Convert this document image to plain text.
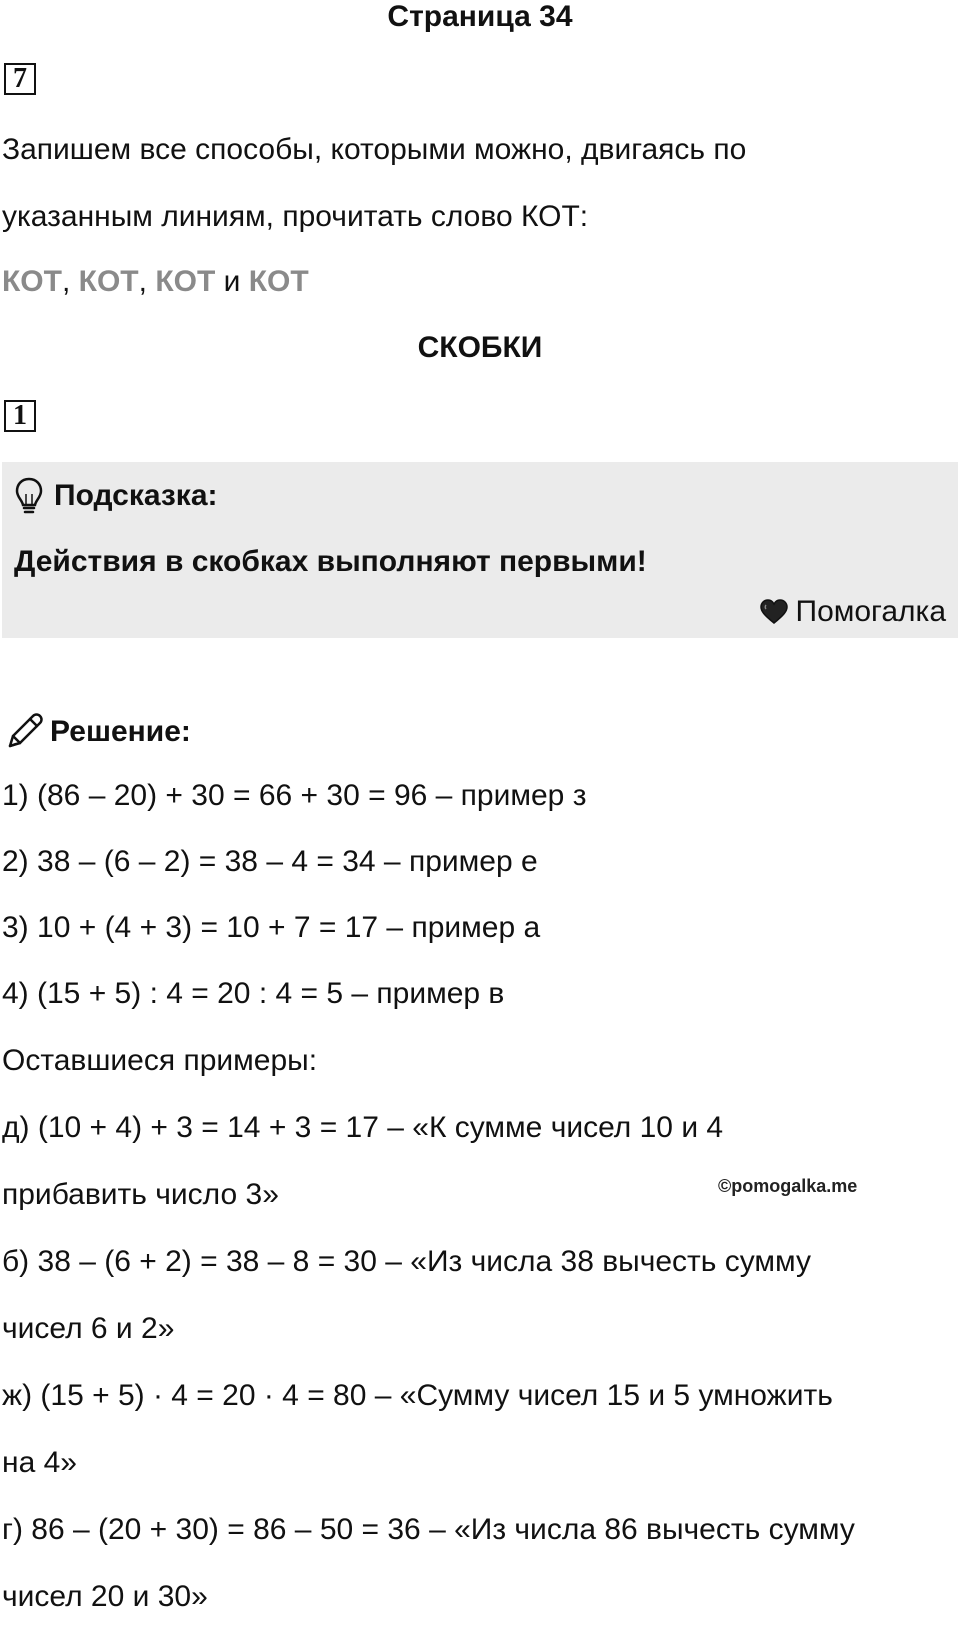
Страница 34
7
Запишем все способы, которыми можно, двигаясь по
указанным линиям, прочитать слово КОТ:
КОТ, КОТ, КОТ и КОТ
СКОБКИ
1
Подсказка:
Действия в скобках выполняют первыми!
Помогалка
Решение:
1) (86 – 20) + 30 = 66 + 30 = 96 – пример з
2) 38 – (6 – 2) = 38 – 4 = 34 – пример е
3) 10 + (4 + 3) = 10 + 7 = 17 – пример а
4) (15 + 5) : 4 = 20 : 4 = 5 – пример в
Оставшиеся примеры:
д) (10 + 4) + 3 = 14 + 3 = 17 – «К сумме чисел 10 и 4
прибавить число 3»
б) 38 – (6 + 2) = 38 – 8 = 30 – «Из числа 38 вычесть сумму
чисел 6 и 2»
ж) (15 + 5) · 4 = 20 · 4 = 80 – «Сумму чисел 15 и 5 умножить
на 4»
г) 86 – (20 + 30) = 86 – 50 = 36 – «Из числа 86 вычесть сумму
чисел 20 и 30»
©pomogalka.me
